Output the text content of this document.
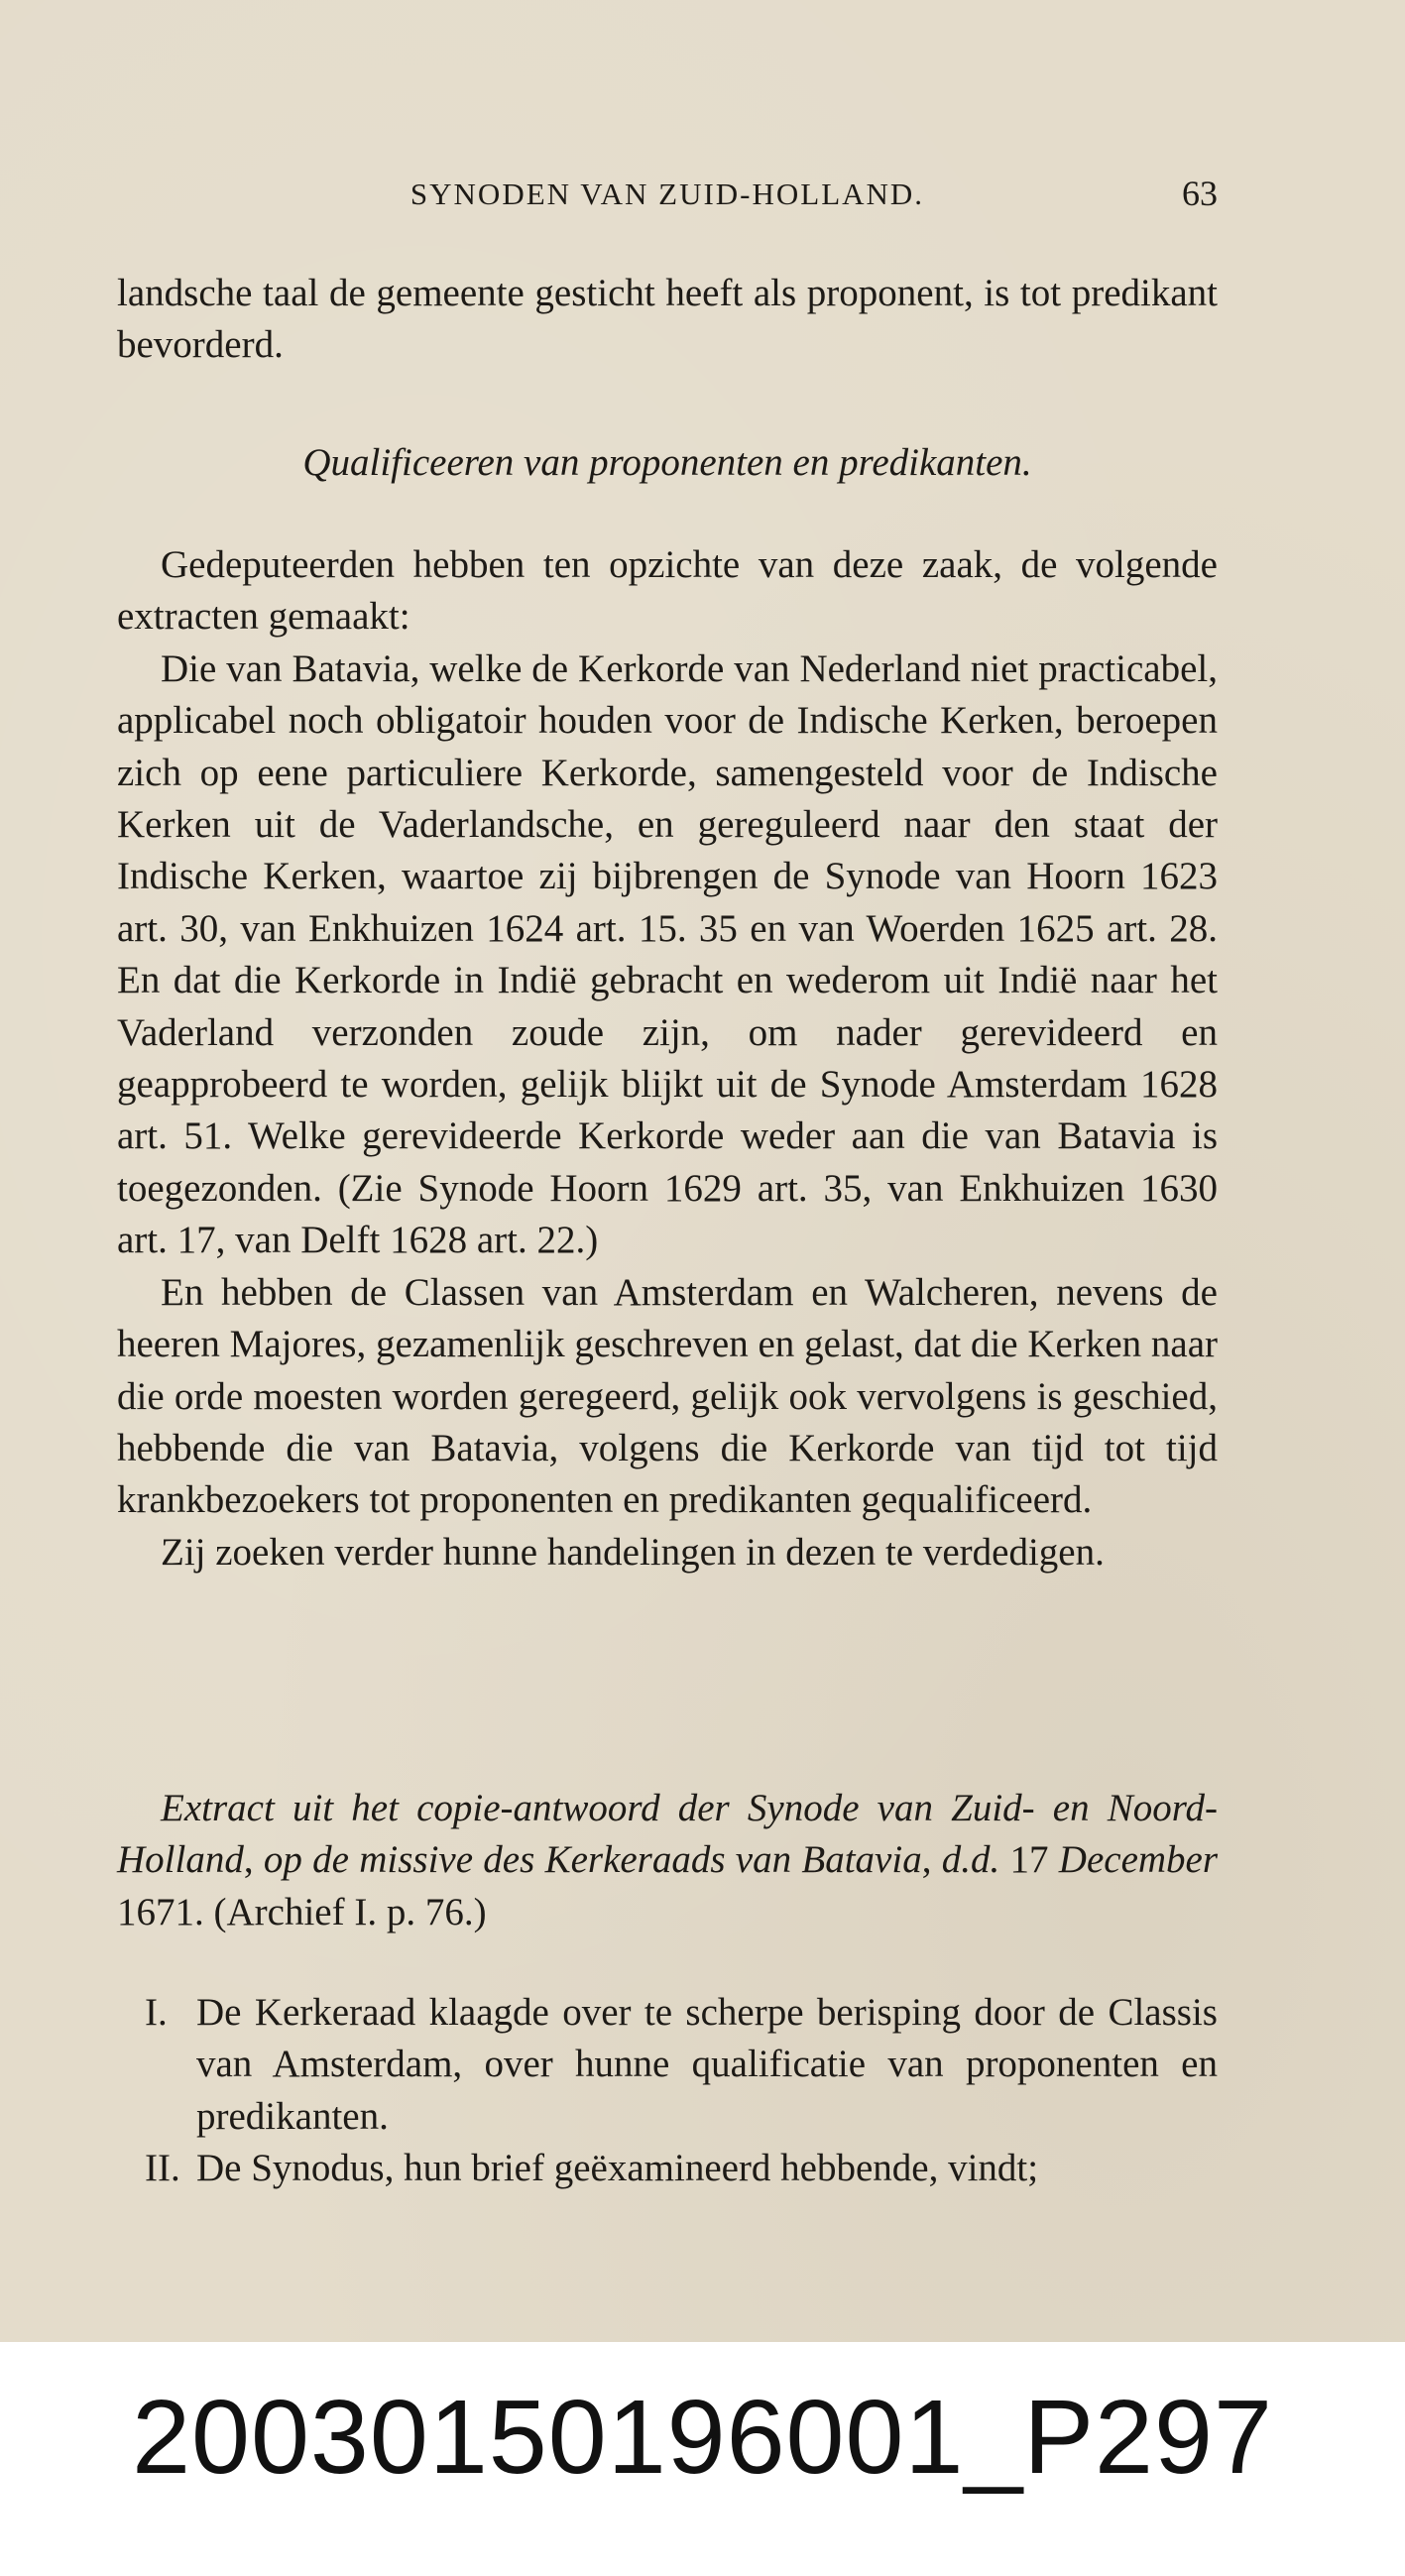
SYNODEN VAN ZUID-HOLLAND.	63

landsche taal de gemeente gesticht heeft als proponent, is tot predikant bevorderd.

Qualificeeren van proponenten en predikanten.

Gedeputeerden hebben ten opzichte van deze zaak, de volgende extracten gemaakt:

Die van Batavia, welke de Kerkorde van Nederland niet practicabel, applicabel noch obligatoir houden voor de Indische Kerken, beroepen zich op eene particuliere Kerkorde, samengesteld voor de Indische Kerken uit de Vaderlandsche, en gereguleerd naar den staat der Indische Kerken, waartoe zij bijbrengen de Synode van Hoorn 1623 art. 30, van Enkhuizen 1624 art. 15. 35 en van Woerden 1625 art. 28. En dat die Kerkorde in Indië gebracht en wederom uit Indië naar het Vaderland verzonden zoude zijn, om nader gerevideerd en geapprobeerd te worden, gelijk blijkt uit de Synode Amsterdam 1628 art. 51. Welke gerevideerde Kerkorde weder aan die van Batavia is toegezonden. (Zie Synode Hoorn 1629 art. 35, van Enkhuizen 1630 art. 17, van Delft 1628 art. 22.)

En hebben de Classen van Amsterdam en Walcheren, nevens de heeren Majores, gezamenlijk geschreven en gelast, dat die Kerken naar die orde moesten worden geregeerd, gelijk ook vervolgens is geschied, hebbende die van Batavia, volgens die Kerkorde van tijd tot tijd krankbezoekers tot proponenten en predikanten gequalificeerd.

Zij zoeken verder hunne handelingen in dezen te verdedigen.

Extract uit het copie-antwoord der Synode van Zuid- en Noord-Holland, op de missive des Kerkeraads van Batavia, d.d. 17 December 1671. (Archief I. p. 76.)

I. De Kerkeraad klaagde over te scherpe berisping door de Classis van Amsterdam, over hunne qualificatie van proponenten en predikanten.
II. De Synodus, hun brief geëxamineerd hebbende, vindt;
20030150196001_P297
